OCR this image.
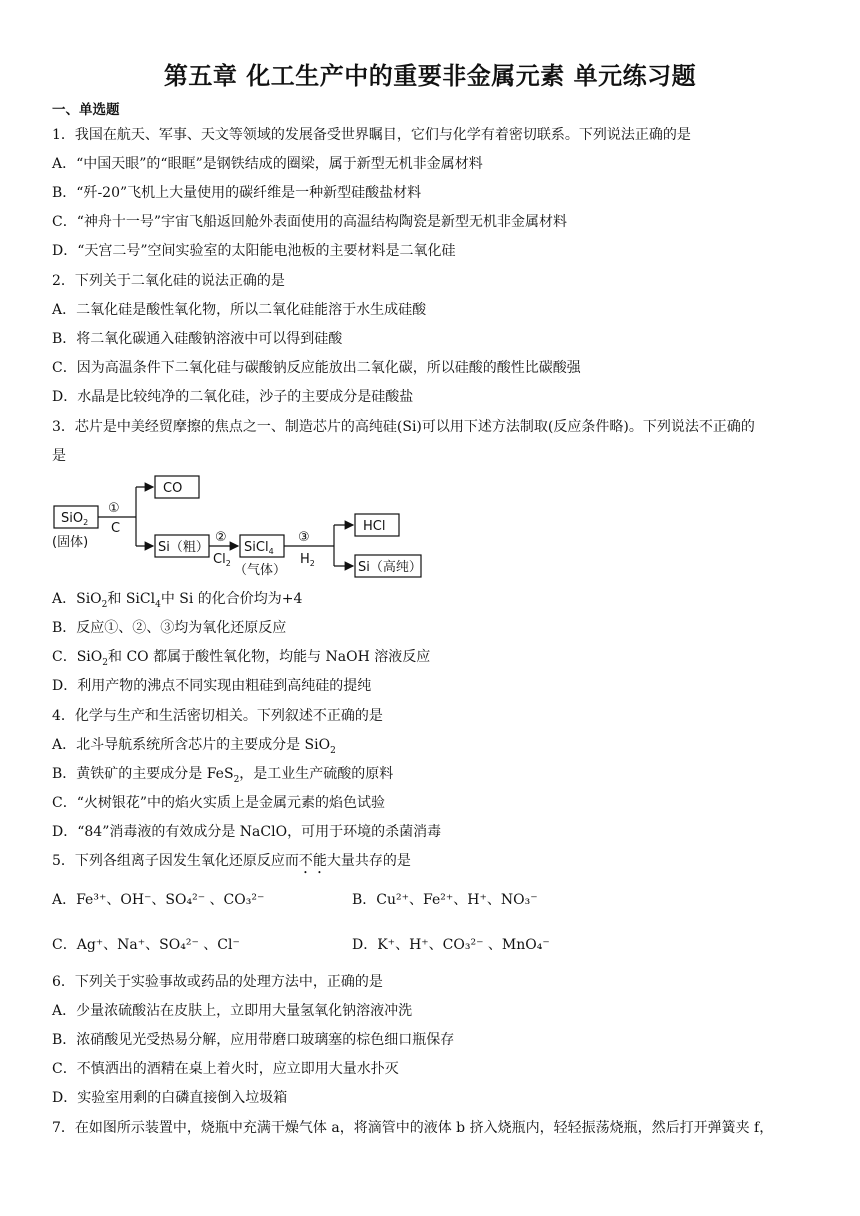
第五章 化工生产中的重要非金属元素 单元练习题
一、单选题
1．我国在航天、军事、天文等领域的发展备受世界瞩目，它们与化学有着密切联系。下列说法正确的是
A．“中国天眼”的“眼眶”是钢铁结成的圈梁，属于新型无机非金属材料
B．“歼-20”飞机上大量使用的碳纤维是一种新型硅酸盐材料
C．“神舟十一号”宇宙飞船返回舱外表面使用的高温结构陶瓷是新型无机非金属材料
D．“天宫二号”空间实验室的太阳能电池板的主要材料是二氧化硅
2．下列关于二氧化硅的说法正确的是
A．二氧化硅是酸性氧化物，所以二氧化硅能溶于水生成硅酸
B．将二氧化碳通入硅酸钠溶液中可以得到硅酸
C．因为高温条件下二氧化硅与碳酸钠反应能放出二氧化碳，所以硅酸的酸性比碳酸强
D．水晶是比较纯净的二氧化硅，沙子的主要成分是硅酸盐
3．芯片是中美经贸摩擦的焦点之一、制造芯片的高纯硅(Si)可以用下述方法制取(反应条件略)。下列说法不正确的
是
SiO$_2$
(固体)
①
C
CO
Si（粗）
②
$Cl_2$
SiCl$_4$
（气体）
③
$H_2$
HCl
Si（高纯）
A．SiO$_2$和 SiCl$_4$中 Si 的化合价均为+4
B．反应①、②、③均为氧化还原反应
C．SiO$_2$和 CO 都属于酸性氧化物，均能与 NaOH 溶液反应
D．利用产物的沸点不同实现由粗硅到高纯硅的提纯
4．化学与生产和生活密切相关。下列叙述不正确的是
A．北斗导航系统所含芯片的主要成分是 SiO$_2$
B．黄铁矿的主要成分是 FeS$_2$，是工业生产硫酸的原料
C．“火树银花”中的焰火实质上是金属元素的焰色试验
D．“84”消毒液的有效成分是 NaClO，可用于环境的杀菌消毒
5．下列各组离子因发生氧化还原反应而不能大量共存的是
A．Fe³⁺、OH⁻、SO₄²⁻ 、CO₃²⁻	B．Cu²⁺、Fe²⁺、H⁺、NO₃⁻
C．Ag⁺、Na⁺、SO₄²⁻ 、Cl⁻	D．K⁺、H⁺、CO₃²⁻ 、MnO₄⁻
6．下列关于实验事故或药品的处理方法中，正确的是
A．少量浓硫酸沾在皮肤上，立即用大量氢氧化钠溶液冲洗
B．浓硝酸见光受热易分解，应用带磨口玻璃塞的棕色细口瓶保存
C．不慎洒出的酒精在桌上着火时，应立即用大量水扑灭
D．实验室用剩的白磷直接倒入垃圾箱
7．在如图所示装置中，烧瓶中充满干燥气体 a，将滴管中的液体 b 挤入烧瓶内，轻轻振荡烧瓶，然后打开弹簧夹 f，
